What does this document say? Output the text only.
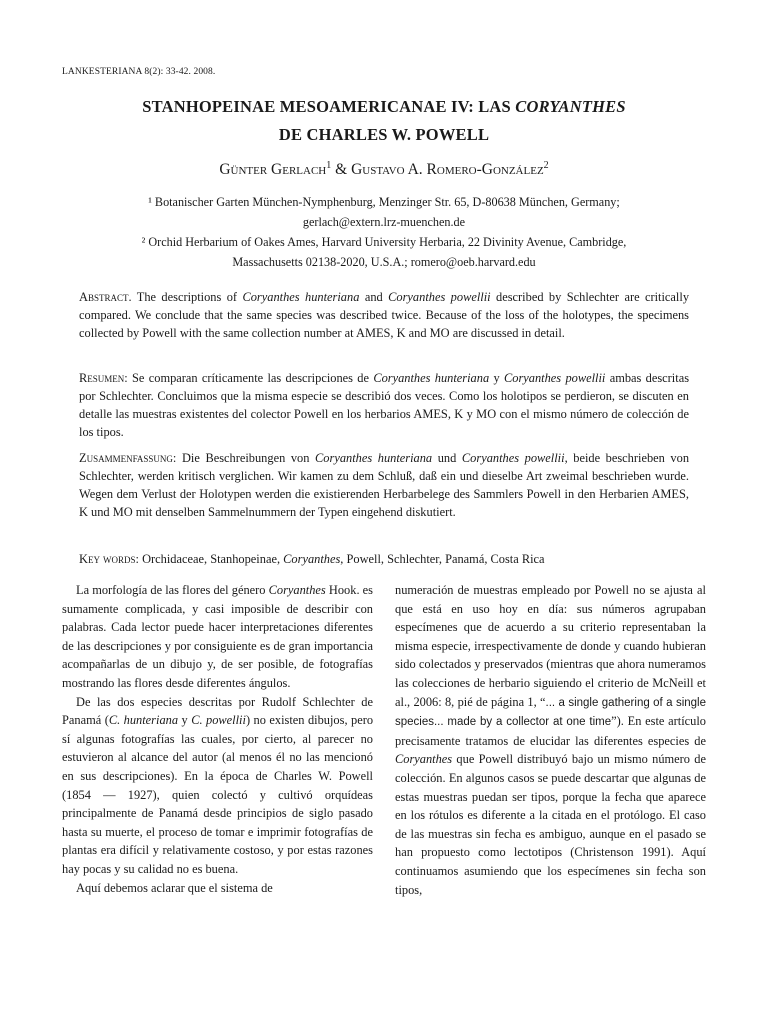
LANKESTERIANA 8(2): 33-42. 2008.
STANHOPEINAE MESOAMERICANAE IV: LAS CORYANTHES
DE CHARLES W. POWELL
Günter Gerlach$^1$ & Gustavo A. Romero-González$^2$
¹ Botanischer Garten München-Nymphenburg, Menzinger Str. 65, D-80638 München, Germany;
gerlach@extern.lrz-muenchen.de
² Orchid Herbarium of Oakes Ames, Harvard University Herbaria, 22 Divinity Avenue, Cambridge,
Massachusetts 02138-2020, U.S.A.; romero@oeb.harvard.edu
Abstract. The descriptions of Coryanthes hunteriana and Coryanthes powellii described by Schlechter are critically compared. We conclude that the same species was described twice. Because of the loss of the holotypes, the specimens collected by Powell with the same collection number at AMES, K and MO are discussed in detail.
Resumen: Se comparan críticamente las descripciones de Coryanthes hunteriana y Coryanthes powellii ambas descritas por Schlechter. Concluimos que la misma especie se describió dos veces. Como los holotipos se perdieron, se discuten en detalle las muestras existentes del colector Powell en los herbarios AMES, K y MO con el mismo número de colección de los tipos.
Zusammenfassung: Die Beschreibungen von Coryanthes hunteriana und Coryanthes powellii, beide beschrieben von Schlechter, werden kritisch verglichen. Wir kamen zu dem Schluß, daß ein und dieselbe Art zweimal beschrieben wurde. Wegen dem Verlust der Holotypen werden die existierenden Herbarbelege des Sammlers Powell in den Herbarien AMES, K und MO mit denselben Sammelnummern der Typen eingehend diskutiert.
Key words: Orchidaceae, Stanhopeinae, Coryanthes, Powell, Schlechter, Panamá, Costa Rica

La morfología de las flores del género Coryanthes Hook. es sumamente complicada, y casi imposible de describir con palabras. Cada lector puede hacer interpretaciones diferentes de las descripciones y por consiguiente es de gran importancia acompañarlas de un dibujo y, de ser posible, de fotografías mostrando las flores desde diferentes ángulos.

De las dos especies descritas por Rudolf Schlechter de Panamá (C. hunteriana y C. powellii) no existen dibujos, pero sí algunas fotografías las cuales, por cierto, al parecer no estuvieron al alcance del autor (al menos él no las mencionó en sus descripciones). En la época de Charles W. Powell (1854 — 1927), quien colectó y cultivó orquídeas principalmente de Panamá desde principios de siglo pasado hasta su muerte, el proceso de tomar e imprimir fotografías de plantas era difícil y relativamente costoso, y por estas razones hay pocas y su calidad no es buena.

Aquí debemos aclarar que el sistema de

numeración de muestras empleado por Powell no se ajusta al que está en uso hoy en día: sus números agrupaban especímenes que de acuerdo a su criterio representaban la misma especie, irrespectivamente de donde y cuando hubieran sido colectados y preservados (mientras que ahora numeramos las colecciones de herbario siguiendo el criterio de McNeill et al., 2006: 8, pié de página 1, “... a single gathering of a single species... made by a collector at one time”). En este artículo precisamente tratamos de elucidar las diferentes especies de Coryanthes que Powell distribuyó bajo un mismo número de colección. En algunos casos se puede descartar que algunas de estas muestras puedan ser tipos, porque la fecha que aparece en los rótulos es diferente a la citada en el protólogo. El caso de las muestras sin fecha es ambiguo, aunque en el pasado se han propuesto como lectotipos (Christenson 1991). Aquí continuamos asumiendo que los especímenes sin fecha son tipos,
